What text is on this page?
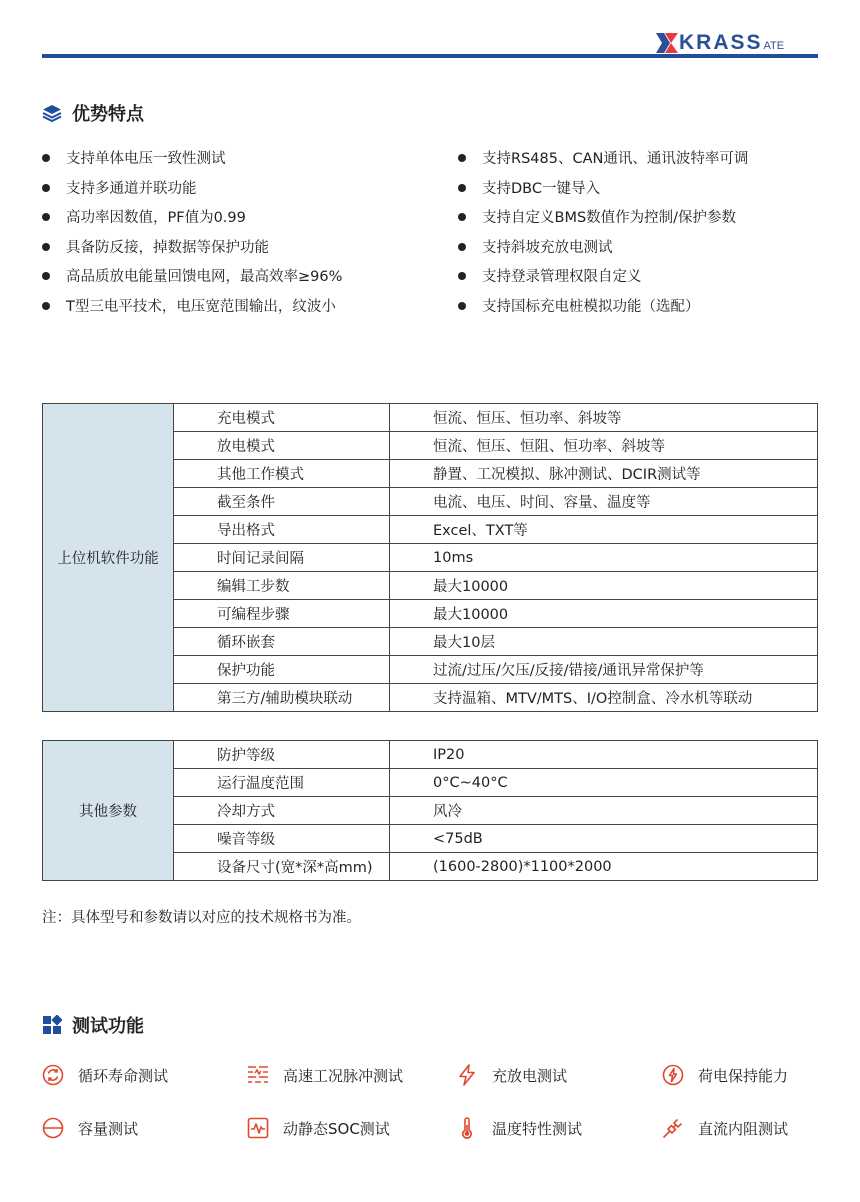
KRASS ATE
优势特点
支持单体电压一致性测试
支持多通道并联功能
高功率因数值，PF值为0.99
具备防反接，掉数据等保护功能
高品质放电能量回馈电网，最高效率≥96%
T型三电平技术，电压宽范围输出，纹波小
支持RS485、CAN通讯、通讯波特率可调
支持DBC一键导入
支持自定义BMS数值作为控制/保护参数
支持斜坡充放电测试
支持登录管理权限自定义
支持国标充电桩模拟功能（选配）
上位机软件功能	充电模式	恒流、恒压、恒功率、斜坡等
	放电模式	恒流、恒压、恒阻、恒功率、斜坡等
	其他工作模式	静置、工况模拟、脉冲测试、DCIR测试等
	截至条件	电流、电压、时间、容量、温度等
	导出格式	Excel、TXT等
	时间记录间隔	10ms
	编辑工步数	最大10000
	可编程步骤	最大10000
	循环嵌套	最大10层
	保护功能	过流/过压/欠压/反接/错接/通讯异常保护等
	第三方/辅助模块联动	支持温箱、MTV/MTS、I/O控制盒、冷水机等联动
其他参数	防护等级	IP20
	运行温度范围	0°C~40°C
	冷却方式	风冷
	噪音等级	<75dB
	设备尺寸(宽*深*高mm)	(1600-2800)*1100*2000
注：具体型号和参数请以对应的技术规格书为准。
测试功能
循环寿命测试	高速工况脉冲测试	充放电测试	荷电保持能力
容量测试	动静态SOC测试	温度特性测试	直流内阻测试
